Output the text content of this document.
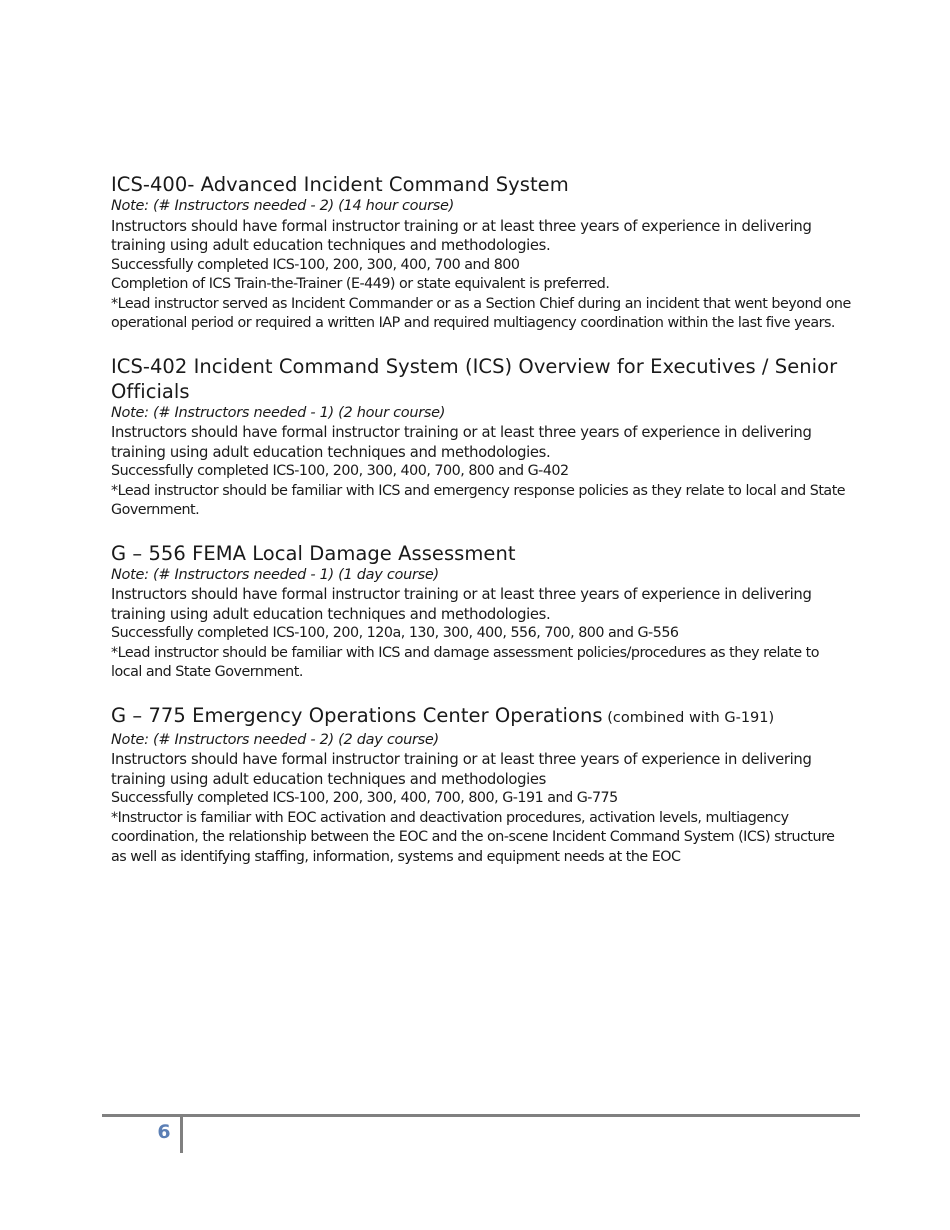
ICS-400- Advanced Incident Command System

Note: (# Instructors needed - 2) (14 hour course)

Instructors should have formal instructor training or at least three years of experience in delivering training using adult education techniques and methodologies.

Successfully completed ICS-100, 200, 300, 400, 700 and 800

Completion of ICS Train-the-Trainer (E-449) or state equivalent is preferred.

*Lead instructor served as Incident Commander or as a Section Chief during an incident that went beyond one operational period or required a written IAP and required multiagency coordination within the last five years.

ICS-402 Incident Command System (ICS) Overview for Executives / Senior Officials

Note: (# Instructors needed - 1) (2 hour course)

Instructors should have formal instructor training or at least three years of experience in delivering training using adult education techniques and methodologies.

Successfully completed ICS-100, 200, 300, 400, 700, 800 and G-402

*Lead instructor should be familiar with ICS and emergency response policies as they relate to local and State Government.

G – 556 FEMA Local Damage Assessment

Note: (# Instructors needed - 1) (1 day course)

Instructors should have formal instructor training or at least three years of experience in delivering training using adult education techniques and methodologies.

Successfully completed ICS-100, 200, 120a, 130, 300, 400, 556, 700, 800 and G-556

*Lead instructor should be familiar with ICS and damage assessment policies/procedures as they relate to local and State Government.

G – 775 Emergency Operations Center Operations (combined with G-191)

Note: (# Instructors needed - 2) (2 day course)

Instructors should have formal instructor training or at least three years of experience in delivering training using adult education techniques and methodologies

Successfully completed ICS-100, 200, 300, 400, 700, 800, G-191 and G-775

*Instructor is familiar with EOC activation and deactivation procedures, activation levels, multiagency coordination, the relationship between the EOC and the on-scene Incident Command System (ICS) structure as well as identifying staffing, information, systems and equipment needs at the EOC

6
